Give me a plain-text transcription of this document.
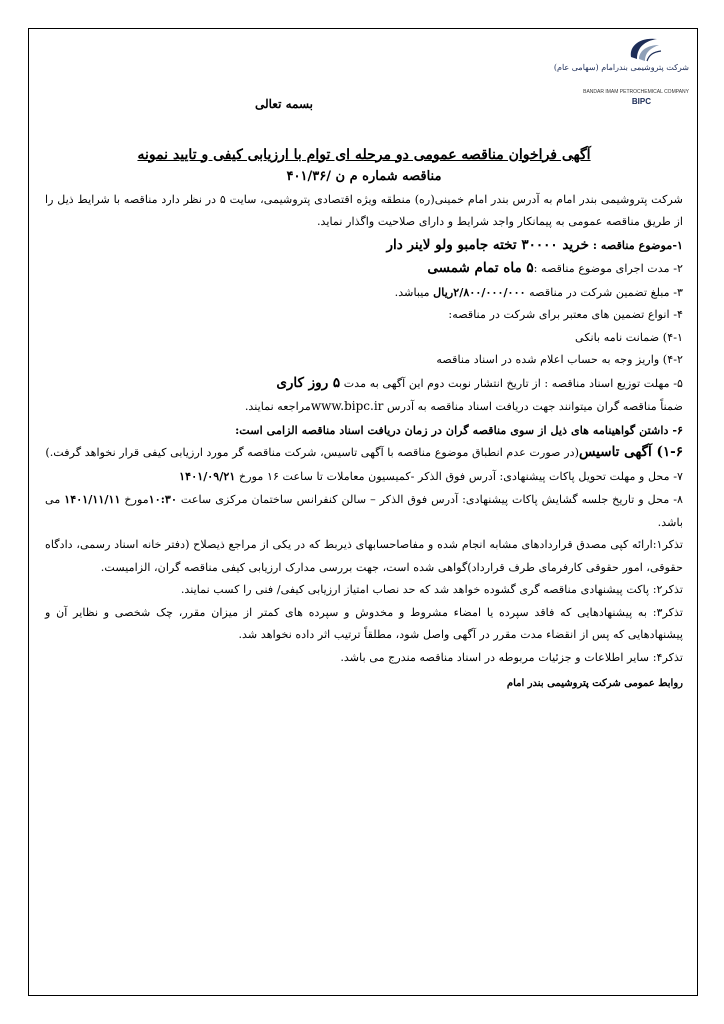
شرکت پتروشیمی بندرامام (سهامی عام)
BANDAR IMAM PETROCHEMICAL COMPANY
BIPC

بسمه تعالی

آگهی فراخوان مناقصه عمومی دو مرحله ای توام با ارزیابی کیفی و تایید نمونه

مناقصه شماره م ن /۴۰۱/۳۶

شرکت پتروشیمی بندر امام به آدرس بندر امام خمینی(ره) منطقه ویژه اقتصادی پتروشیمی، سایت ۵ در نظر دارد مناقصه با شرایط ذیل را از طریق مناقصه عمومی به پیمانکار واجد شرایط و دارای صلاحیت واگذار نماید.

۱-موضوع مناقصه : خرید ۳۰۰۰۰ تخته جامبو ولو لاینر دار

۲- مدت اجرای موضوع مناقصه :۵ ماه تمام شمسی

۳- مبلغ تضمین شرکت در مناقصه ۲/۸۰۰/۰۰۰/۰۰۰ریال میباشد.

۴- انواع تضمین های معتبر برای شرکت در مناقصه:

۴-۱) ضمانت نامه بانکی

۴-۲) واریز وجه به حساب اعلام شده در اسناد مناقصه

۵- مهلت توزیع اسناد مناقصه : از تاریخ انتشار نوبت دوم این آگهی به مدت ۵ روز کاری

ضمناً مناقصه گران میتوانند جهت دریافت اسناد مناقصه به آدرس www.bipc.irمراجعه نمایند.

۶- داشتن گواهینامه های ذیل از سوی مناقصه گران در زمان دریافت اسناد مناقصه الزامی است:

۱-۶) آگهی تاسیس(در صورت عدم انطباق موضوع مناقصه با آگهی تاسیس، شرکت مناقصه گر مورد ارزیابی کیفی قرار نخواهد گرفت.)

۷- محل و مهلت تحویل پاکات پیشنهادی: آدرس فوق الذکر -کمیسیون معاملات تا ساعت ۱۶ مورخ ۱۴۰۱/۰۹/۲۱

۸- محل و تاریخ جلسه گشایش پاکات پیشنهادی: آدرس فوق الذکر – سالن کنفرانس ساختمان مرکزی ساعت ۱۰:۳۰مورخ ۱۴۰۱/۱۱/۱۱ می باشد.

تذکر۱:ارائه کپی مصدق قراردادهای مشابه انجام شده و مفاصاحسابهای ذیربط که در یکی از مراجع ذیصلاح (دفتر خانه اسناد رسمی، دادگاه حقوقی، امور حقوقی کارفرمای طرف قرارداد)گواهی شده است، جهت بررسی مدارک ارزیابی کیفی مناقصه گران، الزامیست.

تذکر۲: پاکت پیشنهادی مناقصه گری گشوده خواهد شد که حد نصاب امتیاز ارزیابی کیفی/ فنی را کسب نمایند.

تذکر۳: به پیشنهادهایی که فاقد سپرده یا امضاء مشروط و مخدوش و سپرده های کمتر از میزان مقرر، چک شخصی و نظایر آن و پیشنهادهایی که پس از انقضاء مدت مقرر در آگهی واصل شود، مطلقاً ترتیب اثر داده نخواهد شد.

تذکر۴: سایر اطلاعات و جزئیات مربوطه در اسناد مناقصه مندرج می باشد.

روابط عمومی شرکت پتروشیمی بندر امام
